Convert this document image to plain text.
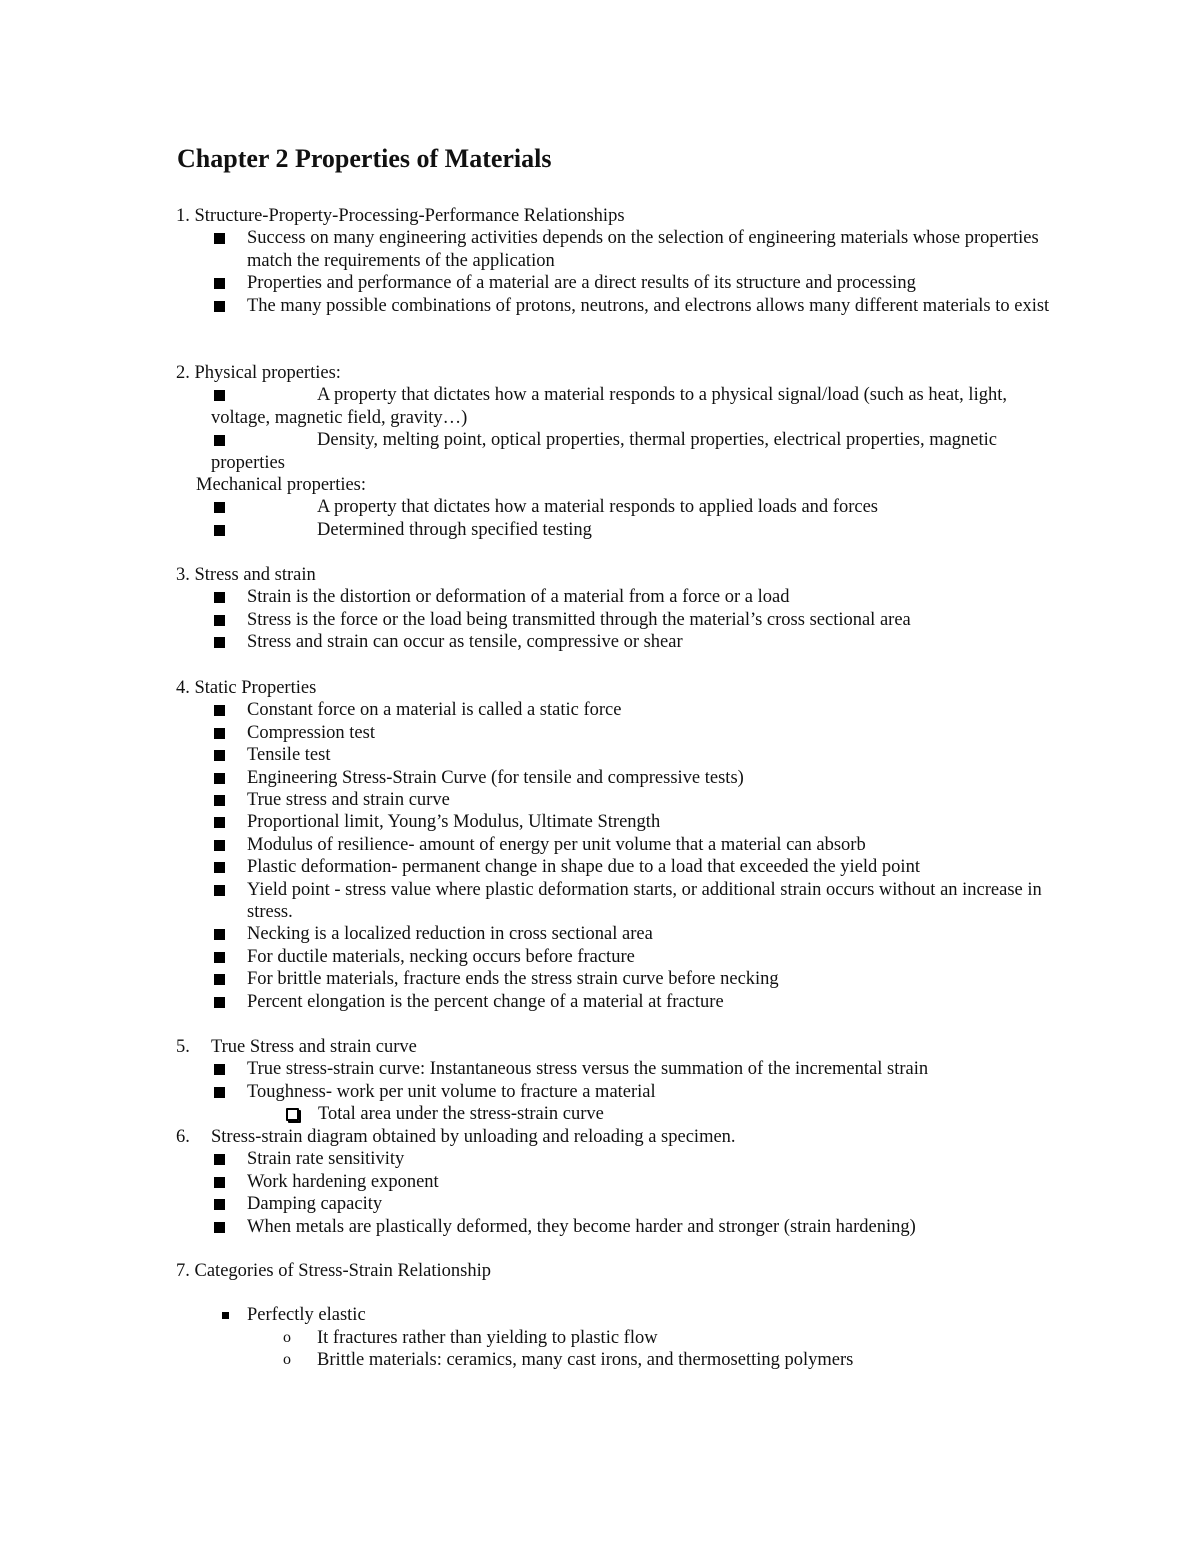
Chapter 2 Properties of Materials
1. Structure-Property-Processing-Performance Relationships
Success on many engineering activities depends on the selection of engineering materials whose properties match the requirements of the application
Properties and performance of a material are a direct results of its structure and processing
The many possible combinations of protons, neutrons, and electrons allows many different materials to exist
2. Physical properties:
A property that dictates how a material responds to a physical signal/load (such as heat, light, voltage, magnetic field, gravity…)
Density, melting point, optical properties, thermal properties, electrical properties, magnetic properties
Mechanical properties:
A property that dictates how a material responds to applied loads and forces
Determined through specified testing
3. Stress and strain
Strain is the distortion or deformation of a material from a force or a load
Stress is the force or the load being transmitted through the material’s cross sectional area
Stress and strain can occur as tensile, compressive or shear
4. Static Properties
Constant force on a material is called a static force
Compression test
Tensile test
Engineering Stress-Strain Curve (for tensile and compressive tests)
True stress and strain curve
Proportional limit, Young’s Modulus, Ultimate Strength
Modulus of resilience- amount of energy per unit volume that a material can absorb
Plastic deformation- permanent change in shape due to a load that exceeded the yield point
Yield point - stress value where plastic deformation starts, or additional strain occurs without an increase in stress.
Necking is a localized reduction in cross sectional area
For ductile materials, necking occurs before fracture
For brittle materials, fracture ends the stress strain curve before necking
Percent elongation is the percent change of a material at fracture
5. True Stress and strain curve
True stress-strain curve: Instantaneous stress versus the summation of the incremental strain
Toughness- work per unit volume to fracture a material
Total area under the stress-strain curve
6. Stress-strain diagram obtained by unloading and reloading a specimen.
Strain rate sensitivity
Work hardening exponent
Damping capacity
When metals are plastically deformed, they become harder and stronger (strain hardening)
7. Categories of Stress-Strain Relationship
Perfectly elastic
o It fractures rather than yielding to plastic flow
o Brittle materials: ceramics, many cast irons, and thermosetting polymers
